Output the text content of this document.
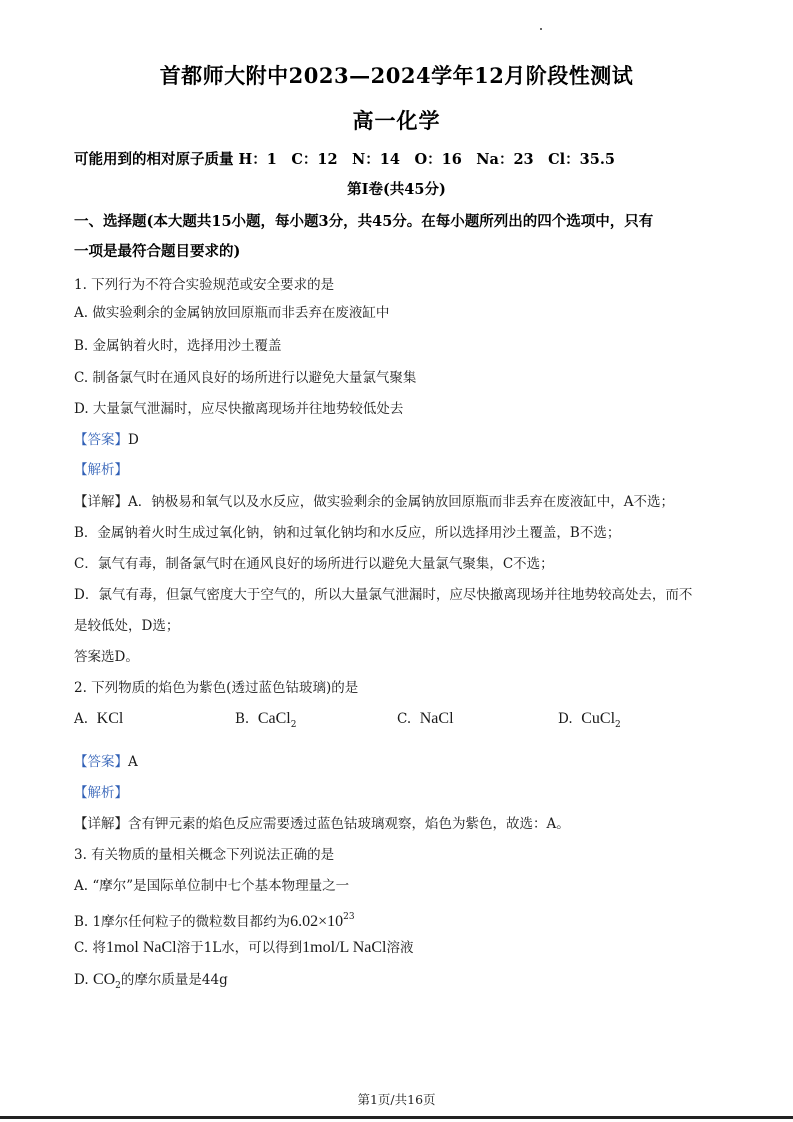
首都师大附中2023—2024学年12月阶段性测试
高一化学
可能用到的相对原子质量 H：1　C：12　N：14　O：16　Na：23　Cl：35.5
第Ⅰ卷(共45分)
一、选择题(本大题共15小题，每小题3分，共45分。在每小题所列出的四个选项中，只有
一项是最符合题目要求的)
1. 下列行为不符合实验规范或安全要求的是
A. 做实验剩余的金属钠放回原瓶而非丢弃在废液缸中
B. 金属钠着火时，选择用沙土覆盖
C. 制备氯气时在通风良好的场所进行以避免大量氯气聚集
D. 大量氯气泄漏时，应尽快撤离现场并往地势较低处去
【答案】D
【解析】
【详解】A．钠极易和氧气以及水反应，做实验剩余的金属钠放回原瓶而非丢弃在废液缸中，A不选；
B．金属钠着火时生成过氧化钠，钠和过氧化钠均和水反应，所以选择用沙土覆盖，B不选；
C．氯气有毒，制备氯气时在通风良好的场所进行以避免大量氯气聚集，C不选；
D．氯气有毒，但氯气密度大于空气的，所以大量氯气泄漏时，应尽快撤离现场并往地势较高处去，而不
是较低处，D选；
答案选D。
2. 下列物质的焰色为紫色(透过蓝色钴玻璃)的是
A. KCl	B. CaCl$_2$	C. NaCl	D. CuCl$_2$
【答案】A
【解析】
【详解】含有钾元素的焰色反应需要透过蓝色钴玻璃观察，焰色为紫色，故选：A。
3. 有关物质的量相关概念下列说法正确的是
A. “摩尔”是国际单位制中七个基本物理量之一
B. 1摩尔任何粒子的微粒数目都约为$6.02\times 10^{23}$
C. 将1mol NaCl溶于1L水，可以得到1mol/L NaCl溶液
D. $CO_2$的摩尔质量是44g
第1页/共16页
